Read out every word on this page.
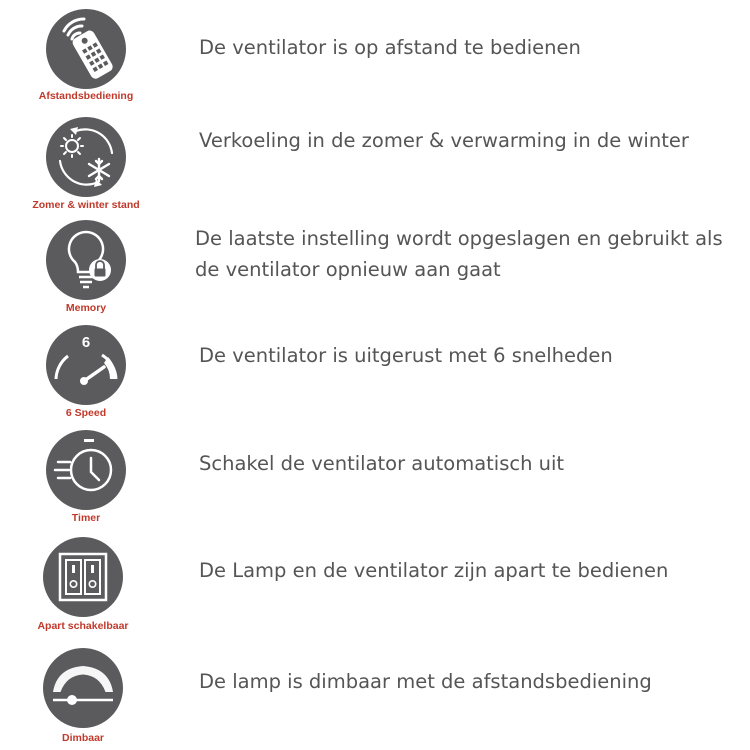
Afstandsbediening
De ventilator is op afstand te bedienen
Zomer & winter stand
Verkoeling in de zomer & verwarming in de winter
Memory
De laatste instelling wordt opgeslagen en gebruikt als de ventilator opnieuw aan gaat
6
6 Speed
De ventilator is uitgerust met 6 snelheden
Timer
Schakel de ventilator automatisch uit
Apart schakelbaar
De Lamp en de ventilator zijn apart te bedienen
Dimbaar
De lamp is dimbaar met de afstandsbediening
